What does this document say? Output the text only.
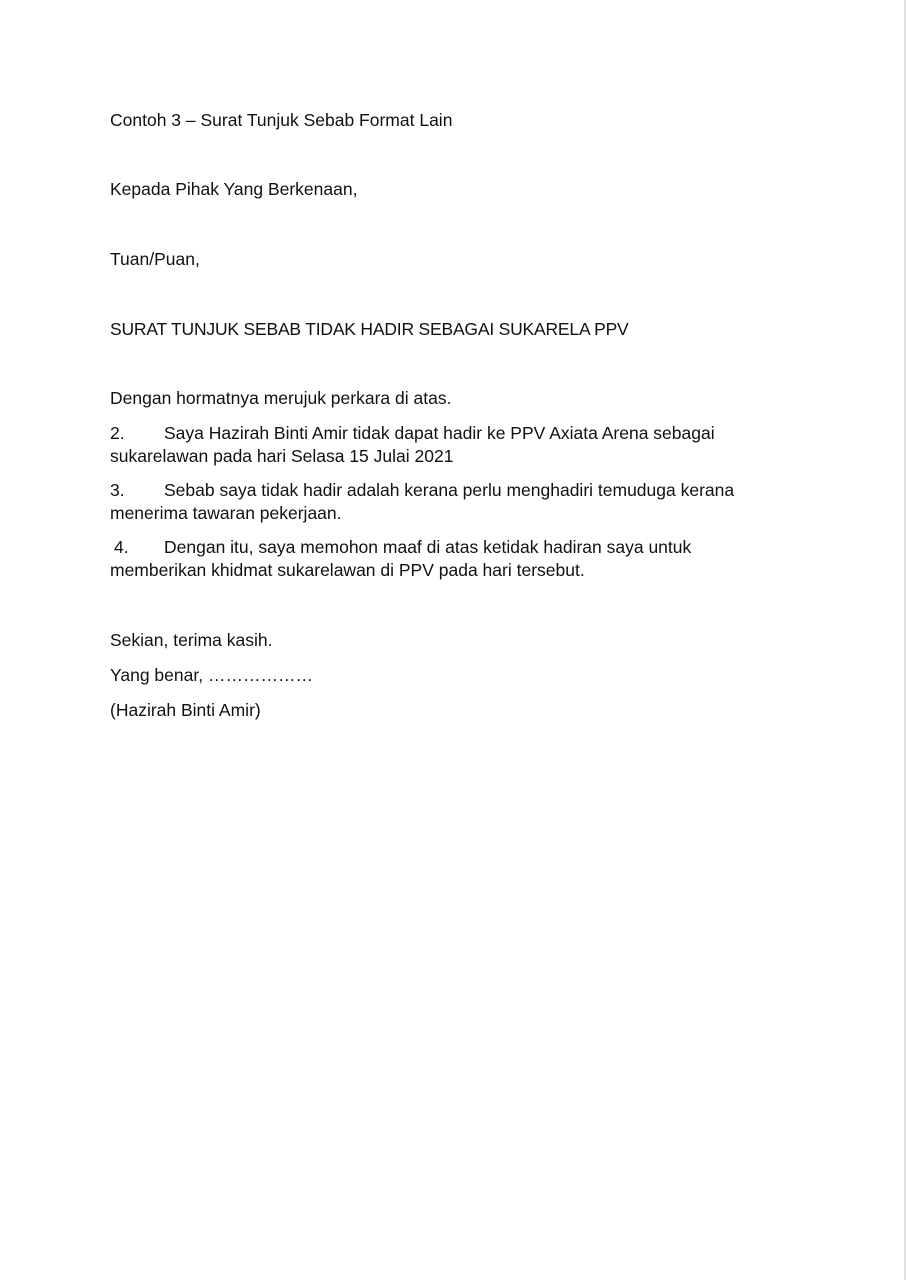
Contoh 3 – Surat Tunjuk Sebab Format Lain
Kepada Pihak Yang Berkenaan,
Tuan/Puan,
SURAT TUNJUK SEBAB TIDAK HADIR SEBAGAI SUKARELA PPV
Dengan hormatnya merujuk perkara di atas.
2. Saya Hazirah Binti Amir tidak dapat hadir ke PPV Axiata Arena sebagai
sukarelawan pada hari Selasa 15 Julai 2021
3. Sebab saya tidak hadir adalah kerana perlu menghadiri temuduga kerana
menerima tawaran pekerjaan.
4. Dengan itu, saya memohon maaf di atas ketidak hadiran saya untuk
memberikan khidmat sukarelawan di PPV pada hari tersebut.
Sekian, terima kasih.
Yang benar, ………………
(Hazirah Binti Amir)
